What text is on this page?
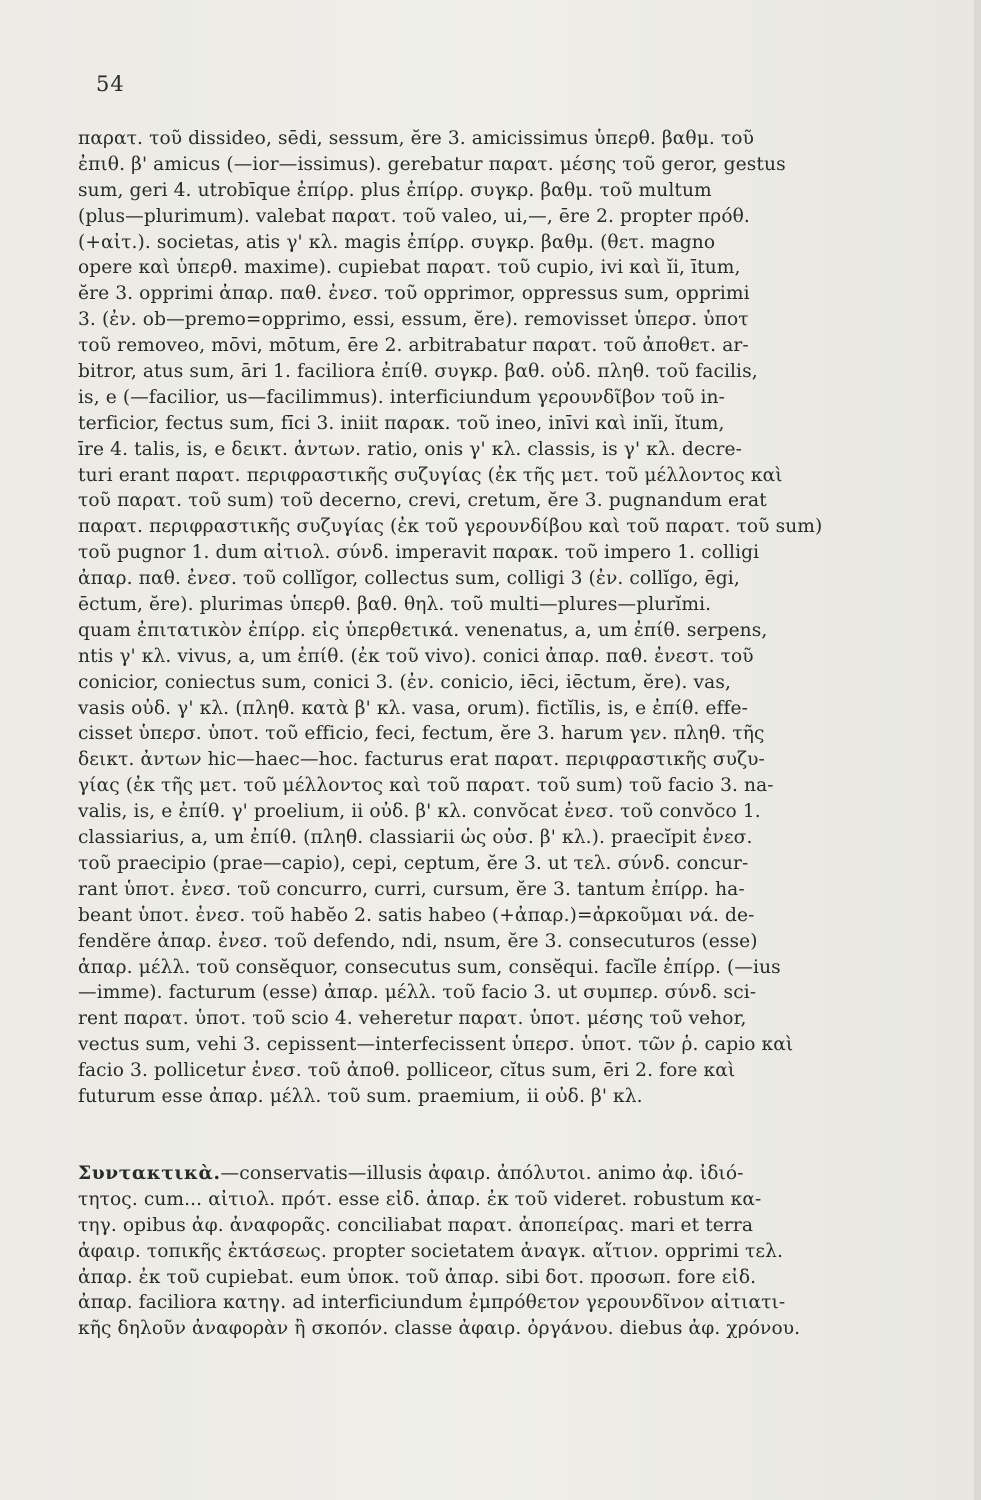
54
παρατ. τοῦ dissideo, sēdi, sessum, ĕre 3. amicissimus ὑπερθ. βαθμ. τοῦ
ἐπιθ. β' amicus (—ior—issimus). gerebatur παρατ. μέσης τοῦ geror, gestus
sum, geri 4. utrobīque ἐπίρρ. plus ἐπίρρ. συγκρ. βαθμ. τοῦ multum
(plus—plurimum). valebat παρατ. τοῦ valeo, ui,—, ēre 2. propter πρόθ.
(+αἰτ.). societas, atis γ' κλ. magis ἐπίρρ. συγκρ. βαθμ. (θετ. magno
opere καὶ ὑπερθ. maxime). cupiebat παρατ. τοῦ cupio, ivi καὶ ĭi, ītum,
ĕre 3. opprimi ἀπαρ. παθ. ἐνεσ. τοῦ opprimor, oppressus sum, opprimi
3. (ἐν. ob—premo=opprimo, essi, essum, ĕre). removisset ὑπερσ. ὑποτ
τοῦ removeo, mōvi, mōtum, ēre 2. arbitrabatur παρατ. τοῦ ἀποθετ. ar-
bitror, atus sum, āri 1. faciliora ἐπίθ. συγκρ. βαθ. οὐδ. πληθ. τοῦ facilis,
is, e (—facilior, us—facilimmus). interficiundum γερουνδῖβον τοῦ in-
terficior, fectus sum, fīci 3. iniit παρακ. τοῦ ineo, inīvi καὶ inĭi, ĭtum,
īre 4. talis, is, e δεικτ. ἀντων. ratio, onis γ' κλ. classis, is γ' κλ. decre-
turi erant παρατ. περιφραστικῆς συζυγίας (ἐκ τῆς μετ. τοῦ μέλλοντος καὶ
τοῦ παρατ. τοῦ sum) τοῦ decerno, crevi, cretum, ĕre 3. pugnandum erat
παρατ. περιφραστικῆς συζυγίας (ἐκ τοῦ γερουνδίβου καὶ τοῦ παρατ. τοῦ sum)
τοῦ pugnor 1. dum αἰτιολ. σύνδ. imperavit παρακ. τοῦ impero 1. colligi
ἀπαρ. παθ. ἐνεσ. τοῦ collĭgor, collectus sum, colligi 3 (ἐν. collĭgo, ēgi,
ēctum, ĕre). plurimas ὑπερθ. βαθ. θηλ. τοῦ multi—plures—plurĭmi.
quam ἐπιτατικὸν ἐπίρρ. εἰς ὑπερθετικά. venenatus, a, um ἐπίθ. serpens,
ntis γ' κλ. vivus, a, um ἐπίθ. (ἐκ τοῦ vivo). conici ἀπαρ. παθ. ἐνεστ. τοῦ
conicior, coniectus sum, conici 3. (ἐν. conicio, iēci, iēctum, ĕre). vas,
vasis οὐδ. γ' κλ. (πληθ. κατὰ β' κλ. vasa, orum). fictĭlis, is, e ἐπίθ. effe-
cisset ὑπερσ. ὑποτ. τοῦ efficio, feci, fectum, ĕre 3. harum γεν. πληθ. τῆς
δεικτ. ἀντων hic—haec—hoc. facturus erat παρατ. περιφραστικῆς συζυ-
γίας (ἐκ τῆς μετ. τοῦ μέλλοντος καὶ τοῦ παρατ. τοῦ sum) τοῦ facio 3. na-
valis, is, e ἐπίθ. γ' proelium, ii οὐδ. β' κλ. convŏcat ἐνεσ. τοῦ convŏco 1.
classiarius, a, um ἐπίθ. (πληθ. classiarii ὡς οὐσ. β' κλ.). praecĭpit ἐνεσ.
τοῦ praecipio (prae—capio), cepi, ceptum, ĕre 3. ut τελ. σύνδ. concur-
rant ὑποτ. ἐνεσ. τοῦ concurro, curri, cursum, ĕre 3. tantum ἐπίρρ. ha-
beant ὑποτ. ἐνεσ. τοῦ habĕo 2. satis habeo (+ἀπαρ.)=ἀρκοῦμαι νά. de-
fendĕre ἀπαρ. ἐνεσ. τοῦ defendo, ndi, nsum, ĕre 3. consecuturos (esse)
ἀπαρ. μέλλ. τοῦ consĕquor, consecutus sum, consĕqui. facĭle ἐπίρρ. (—ius
—imme). facturum (esse) ἀπαρ. μέλλ. τοῦ facio 3. ut συμπερ. σύνδ. sci-
rent παρατ. ὑποτ. τοῦ scio 4. veheretur παρατ. ὑποτ. μέσης τοῦ vehor,
vectus sum, vehi 3. cepissent—interfecissent ὑπερσ. ὑποτ. τῶν ῥ. capio καὶ
facio 3. pollicetur ἐνεσ. τοῦ ἀποθ. polliceor, cĭtus sum, ēri 2. fore καὶ
futurum esse ἀπαρ. μέλλ. τοῦ sum. praemium, ii οὐδ. β' κλ.
Συντακτικὰ.—conservatis—illusis ἀφαιρ. ἀπόλυτοι. animo ἀφ. ἰδιό-
τητος. cum... αἰτιολ. πρότ. esse εἰδ. ἀπαρ. ἐκ τοῦ videret. robustum κα-
τηγ. opibus ἀφ. ἀναφορᾶς. conciliabat παρατ. ἀποπείρας. mari et terra
ἀφαιρ. τοπικῆς ἐκτάσεως. propter societatem ἀναγκ. αἴτιον. opprimi τελ.
ἀπαρ. ἐκ τοῦ cupiebat. eum ὑποκ. τοῦ ἀπαρ. sibi δοτ. προσωπ. fore εἰδ.
ἀπαρ. faciliora κατηγ. ad interficiundum ἐμπρόθετον γερουνδῖνον αἰτιατι-
κῆς δηλοῦν ἀναφορὰν ἢ σκοπόν. classe ἀφαιρ. ὀργάνου. diebus ἀφ. χρόνου.
